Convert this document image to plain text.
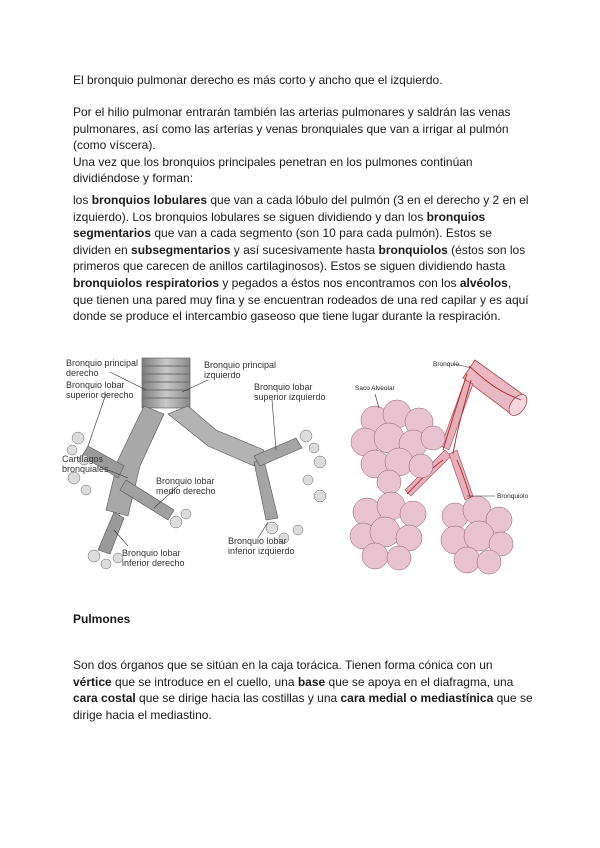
El bronquio pulmonar derecho es más corto y ancho que el izquierdo.
Por el hilio pulmonar entrarán también las arterias pulmonares y saldrán las venas pulmonares, así como las arterias y venas bronquiales que van a irrigar al pulmón (como víscera).
Una vez que los bronquios principales penetran en los pulmones continúan dividiéndose y forman:
los bronquios lobulares que van a cada lóbulo del pulmón (3 en el derecho y 2 en el izquierdo). Los bronquios lobulares se siguen dividiendo y dan los bronquios segmentarios que van a cada segmento (son 10 para cada pulmón). Estos se dividen en subsegmentarios y así sucesivamente hasta bronquiolos (éstos son los primeros que carecen de anillos cartilaginosos). Estos se siguen dividiendo hasta bronquiolos respiratorios y pegados a éstos nos encontramos con los alvéolos, que tienen una pared muy fina y se encuentran rodeados de una red capilar y es aquí donde se produce el intercambio gaseoso que tiene lugar durante la respiración.
Bronquio principal
derecho
Bronquio principal
izquierdo
Bronquio lobar
superior derecho
Bronquio lobar
superior izquierdo
Cartílagos
bronquiales
Bronquio lobar
medio derecho
Bronquio lobar
inferior derecho
Bronquio lobar
inferior izquierdo
Bronquio
Saco Alveolar
Bronquiolo
Pulmones
Son dos órganos que se sitúan en la caja torácica. Tienen forma cónica con un vértice que se introduce en el cuello, una base que se apoya en el diafragma, una cara costal que se dirige hacia las costillas y una cara medial o mediastínica que se dirige hacia el mediastino.
